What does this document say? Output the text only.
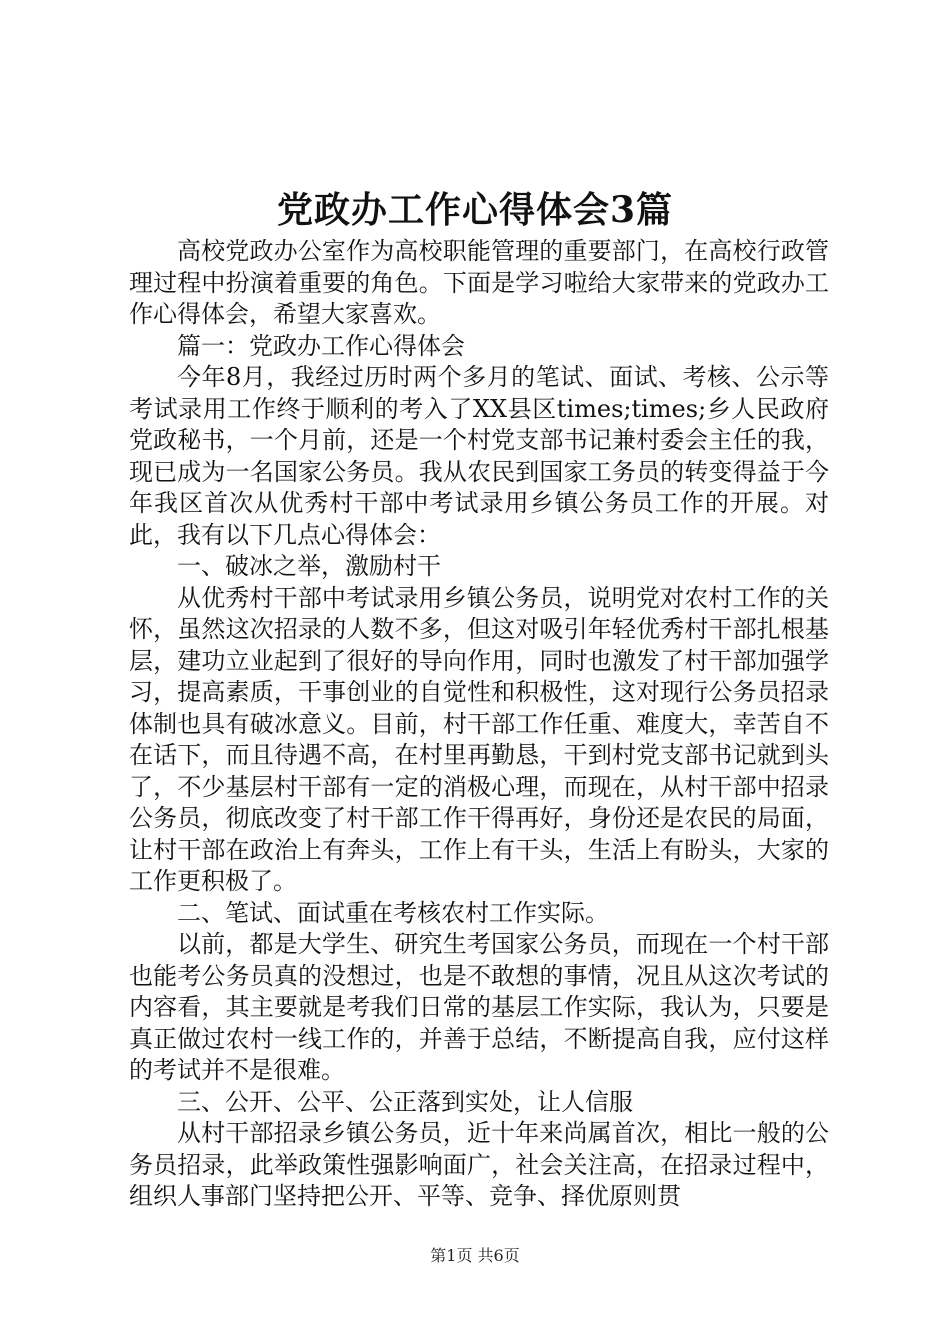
党政办工作心得体会3篇

高校党政办公室作为高校职能管理的重要部门，在高校行政管理过程中扮演着重要的角色。下面是学习啦给大家带来的党政办工作心得体会，希望大家喜欢。

篇一：党政办工作心得体会

今年8月，我经过历时两个多月的笔试、面试、考核、公示等考试录用工作终于顺利的考入了XX县区times;times;乡人民政府党政秘书，一个月前，还是一个村党支部书记兼村委会主任的我，现已成为一名国家公务员。我从农民到国家工务员的转变得益于今年我区首次从优秀村干部中考试录用乡镇公务员工作的开展。对此，我有以下几点心得体会：

一、破冰之举，激励村干

从优秀村干部中考试录用乡镇公务员，说明党对农村工作的关怀，虽然这次招录的人数不多，但这对吸引年轻优秀村干部扎根基层，建功立业起到了很好的导向作用，同时也激发了村干部加强学习，提高素质，干事创业的自觉性和积极性，这对现行公务员招录体制也具有破冰意义。目前，村干部工作任重、难度大，幸苦自不在话下，而且待遇不高，在村里再勤恳，干到村党支部书记就到头了，不少基层村干部有一定的消极心理，而现在，从村干部中招录公务员，彻底改变了村干部工作干得再好，身份还是农民的局面，让村干部在政治上有奔头，工作上有干头，生活上有盼头，大家的工作更积极了。

二、笔试、面试重在考核农村工作实际。

以前，都是大学生、研究生考国家公务员，而现在一个村干部也能考公务员真的没想过，也是不敢想的事情，况且从这次考试的内容看，其主要就是考我们日常的基层工作实际，我认为，只要是真正做过农村一线工作的，并善于总结，不断提高自我，应付这样的考试并不是很难。

三、公开、公平、公正落到实处，让人信服

从村干部招录乡镇公务员，近十年来尚属首次，相比一般的公务员招录，此举政策性强影响面广，社会关注高，在招录过程中，组织人事部门坚持把公开、平等、竞争、择优原则贯

第1页 共6页
